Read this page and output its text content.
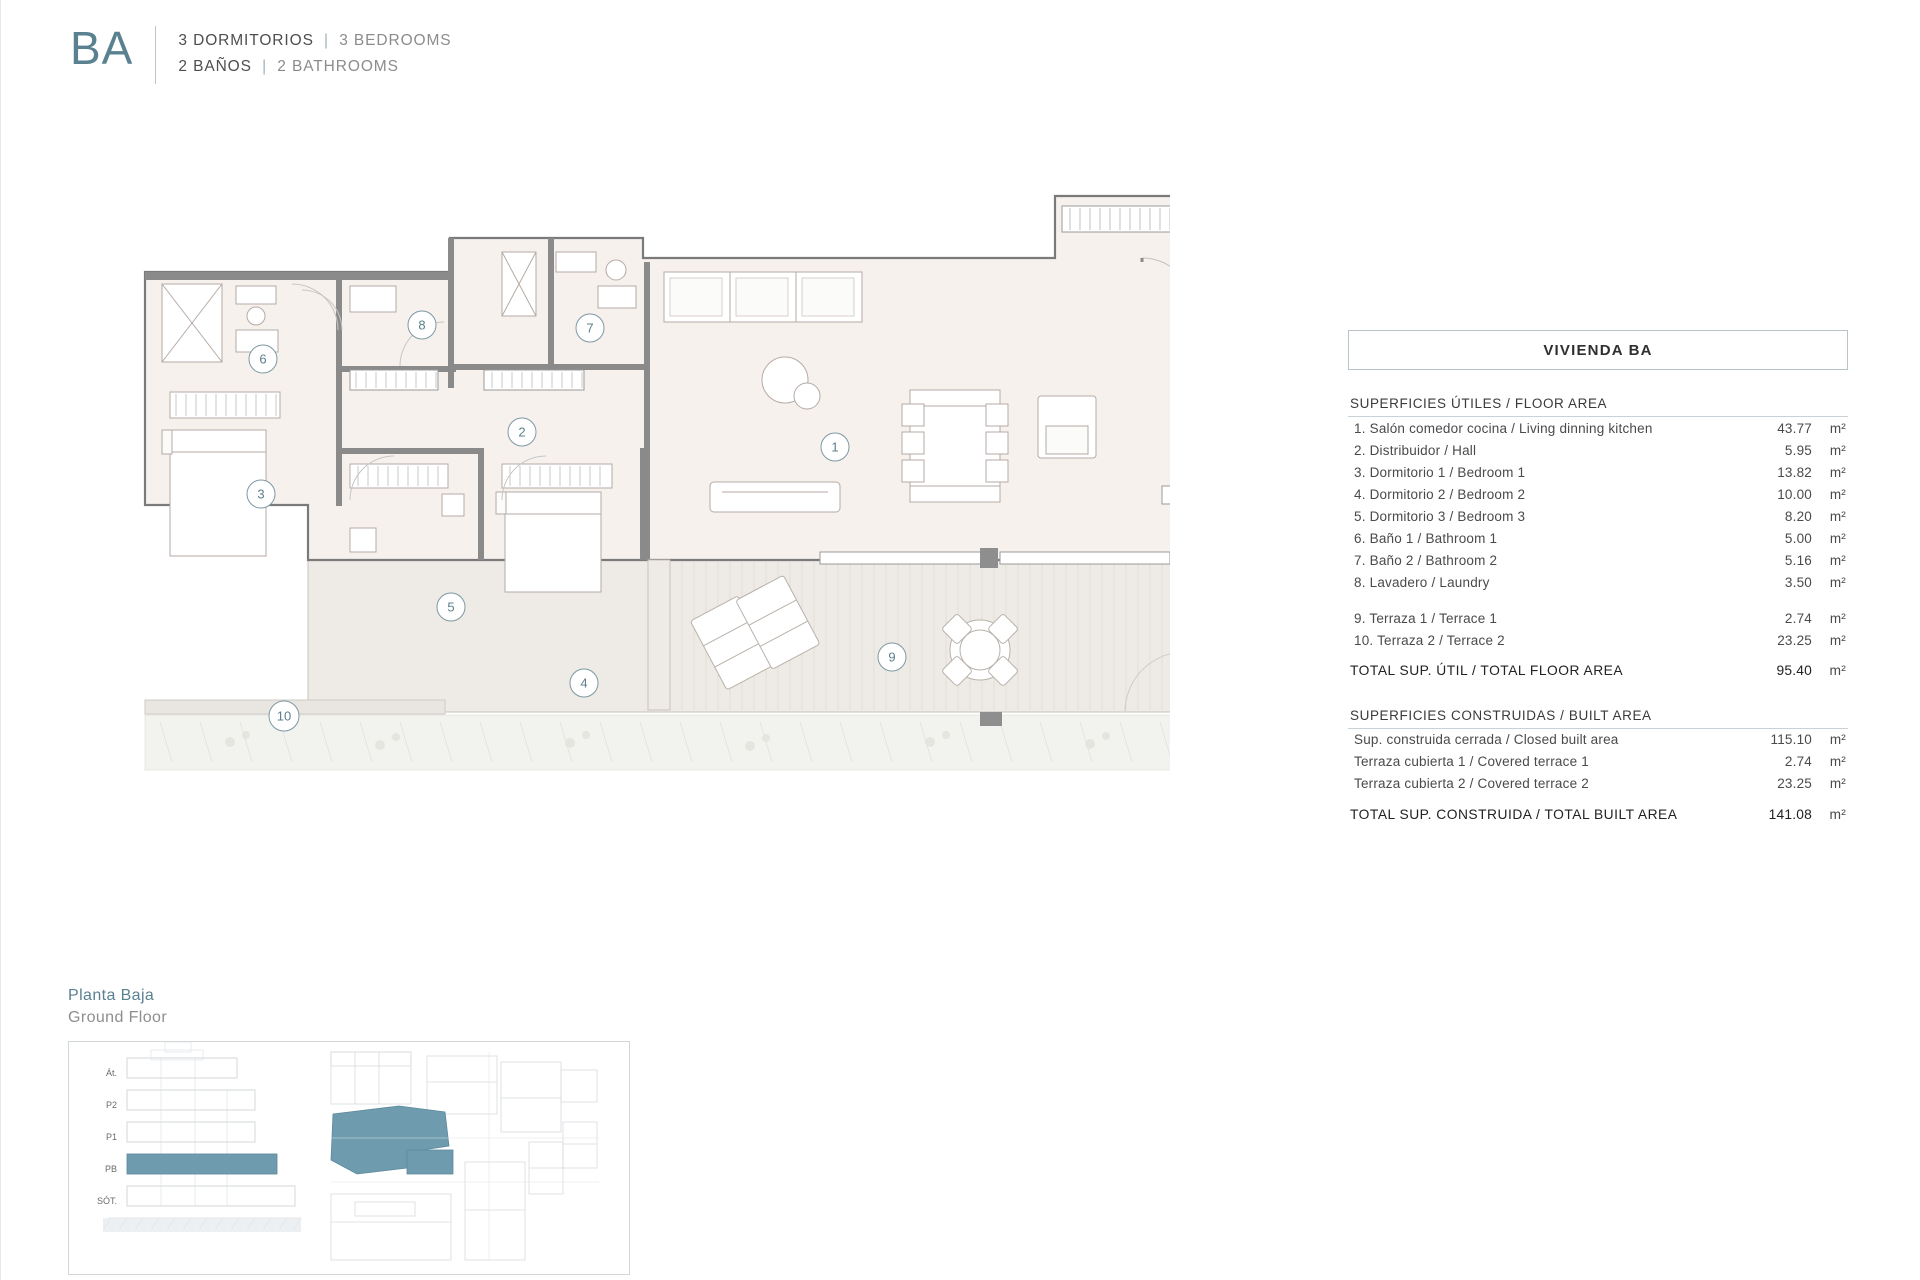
BA	3 DORMITORIOS | 3 BEDROOMS
2 BAÑOS | 2 BATHROOMS
1
2
3
4
5
6
7
8
9
10
VIVIENDA BA
SUPERFICIES ÚTILES / FLOOR AREA
1. Salón comedor cocina / Living dinning kitchen	43.77	m²
2. Distribuidor / Hall	5.95	m²
3. Dormitorio 1 / Bedroom 1	13.82	m²
4. Dormitorio 2 / Bedroom 2	10.00	m²
5. Dormitorio 3 / Bedroom 3	8.20	m²
6. Baño 1 / Bathroom 1	5.00	m²
7. Baño 2 / Bathroom 2	5.16	m²
8. Lavadero / Laundry	3.50	m²
9. Terraza 1 / Terrace 1	2.74	m²
10. Terraza 2 / Terrace 2	23.25	m²
TOTAL SUP. ÚTIL / TOTAL FLOOR AREA	95.40	m²
SUPERFICIES CONSTRUIDAS / BUILT AREA
Sup. construida cerrada / Closed built area	115.10	m²
Terraza cubierta 1 / Covered terrace 1	2.74	m²
Terraza cubierta 2 / Covered terrace 2	23.25	m²
TOTAL SUP. CONSTRUIDA / TOTAL BUILT AREA	141.08	m²
Planta Baja
Ground Floor
Át.
P2
P1
PB
SÓT.
